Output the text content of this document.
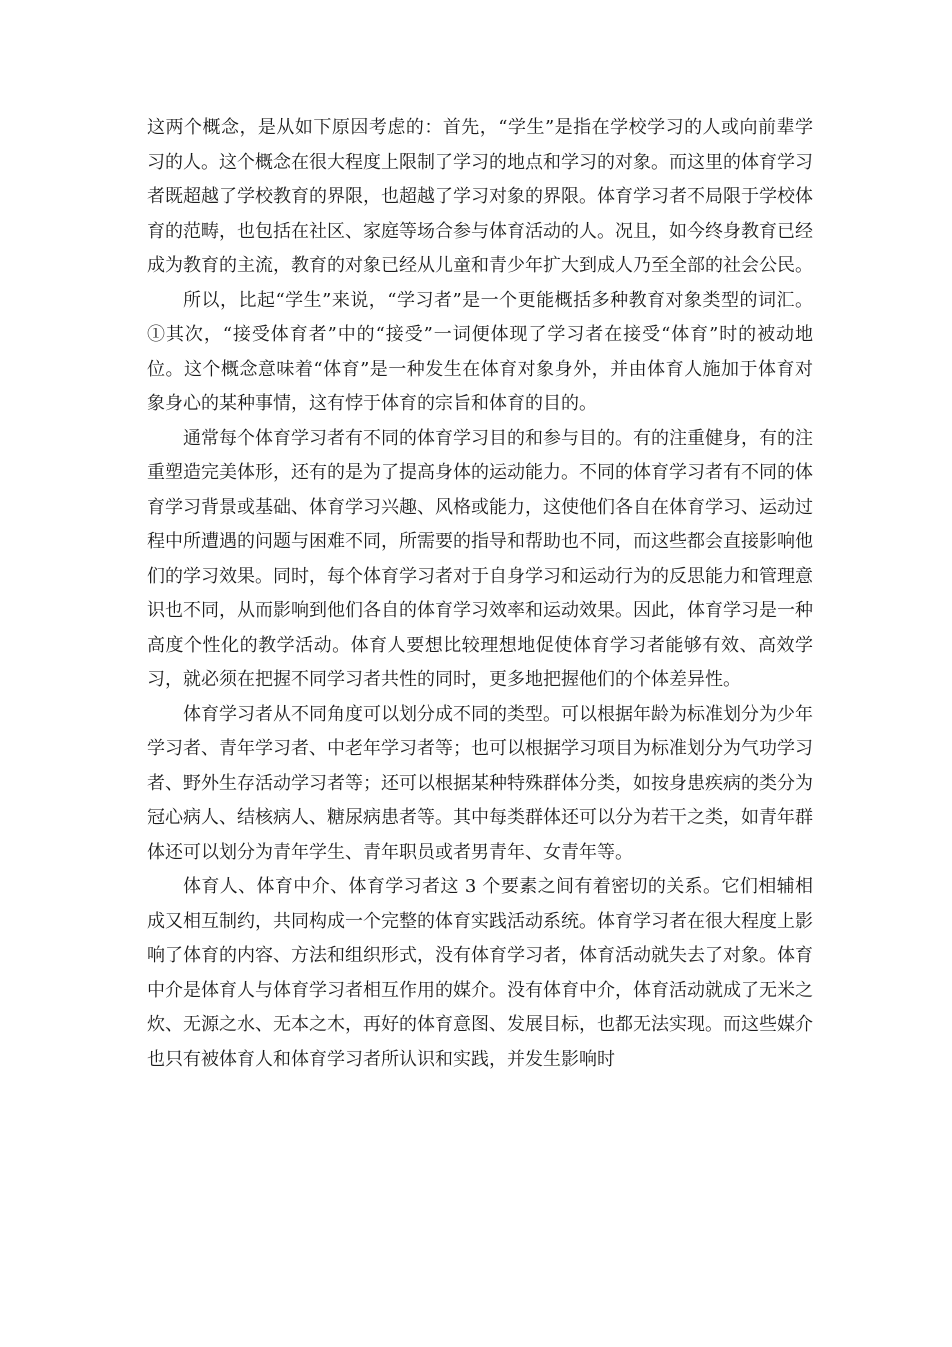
这两个概念，是从如下原因考虑的：首先，“学生”是指在学校学习的人或向前辈学习的人。这个概念在很大程度上限制了学习的地点和学习的对象。而这里的体育学习者既超越了学校教育的界限，也超越了学习对象的界限。体育学习者不局限于学校体育的范畴，也包括在社区、家庭等场合参与体育活动的人。况且，如今终身教育已经成为教育的主流，教育的对象已经从儿童和青少年扩大到成人乃至全部的社会公民。

所以，比起“学生”来说，“学习者”是一个更能概括多种教育对象类型的词汇。①其次，“接受体育者”中的“接受”一词便体现了学习者在接受“体育”时的被动地位。这个概念意味着“体育”是一种发生在体育对象身外，并由体育人施加于体育对象身心的某种事情，这有悖于体育的宗旨和体育的目的。

通常每个体育学习者有不同的体育学习目的和参与目的。有的注重健身，有的注重塑造完美体形，还有的是为了提高身体的运动能力。不同的体育学习者有不同的体育学习背景或基础、体育学习兴趣、风格或能力，这使他们各自在体育学习、运动过程中所遭遇的问题与困难不同，所需要的指导和帮助也不同，而这些都会直接影响他们的学习效果。同时，每个体育学习者对于自身学习和运动行为的反思能力和管理意识也不同，从而影响到他们各自的体育学习效率和运动效果。因此，体育学习是一种高度个性化的教学活动。体育人要想比较理想地促使体育学习者能够有效、高效学习，就必须在把握不同学习者共性的同时，更多地把握他们的个体差异性。

体育学习者从不同角度可以划分成不同的类型。可以根据年龄为标准划分为少年学习者、青年学习者、中老年学习者等；也可以根据学习项目为标准划分为气功学习者、野外生存活动学习者等；还可以根据某种特殊群体分类，如按身患疾病的类分为冠心病人、结核病人、糖尿病患者等。其中每类群体还可以分为若干之类，如青年群体还可以划分为青年学生、青年职员或者男青年、女青年等。

体育人、体育中介、体育学习者这 3 个要素之间有着密切的关系。它们相辅相成又相互制约，共同构成一个完整的体育实践活动系统。体育学习者在很大程度上影响了体育的内容、方法和组织形式，没有体育学习者，体育活动就失去了对象。体育中介是体育人与体育学习者相互作用的媒介。没有体育中介，体育活动就成了无米之炊、无源之水、无本之木，再好的体育意图、发展目标，也都无法实现。而这些媒介也只有被体育人和体育学习者所认识和实践，并发生影响时
